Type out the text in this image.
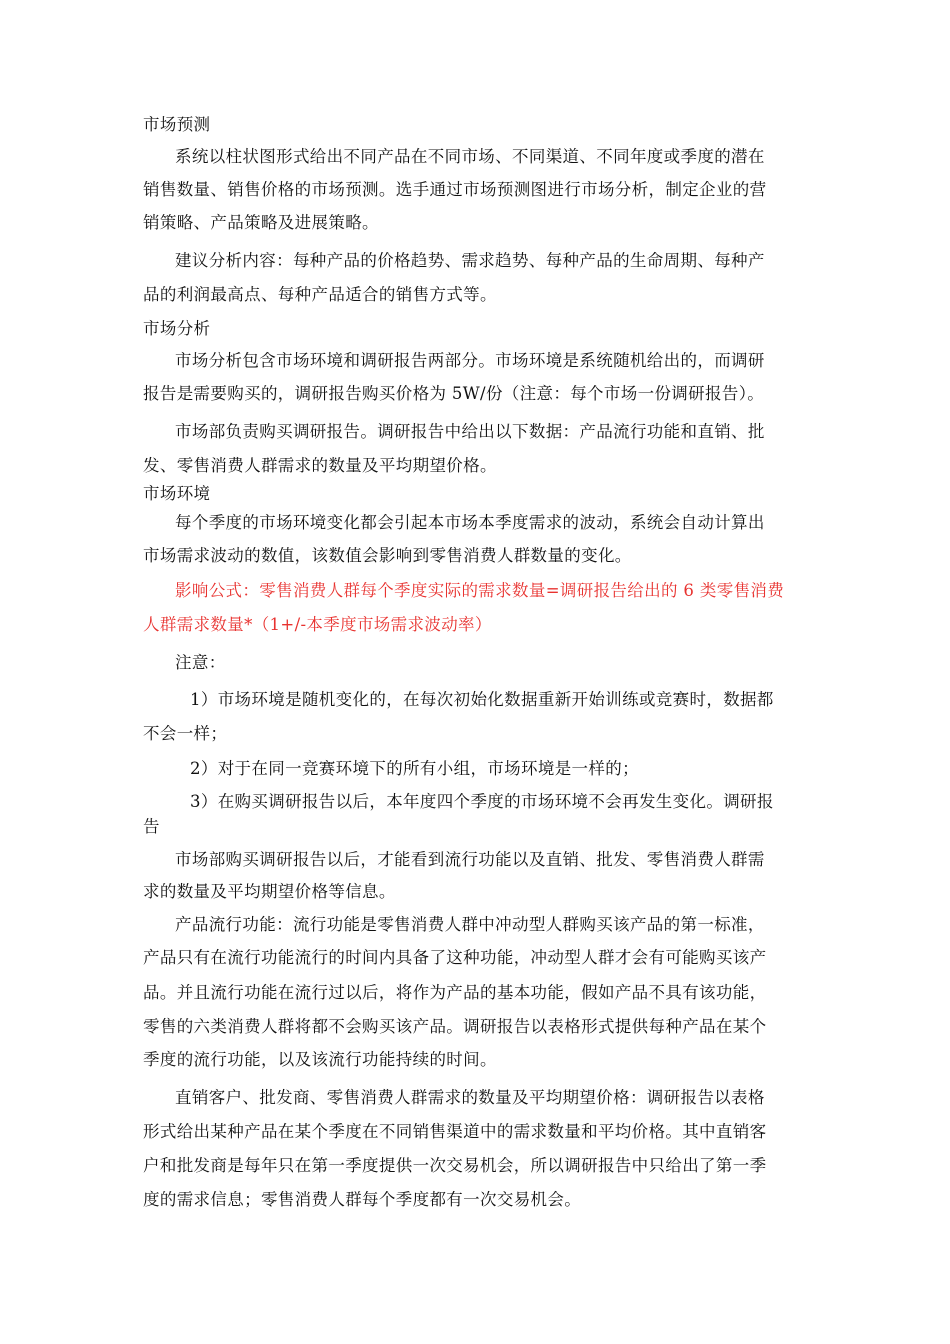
市场预测
系统以柱状图形式给出不同产品在不同市场、不同渠道、不同年度或季度的潜在
销售数量、销售价格的市场预测。选手通过市场预测图进行市场分析，制定企业的营
销策略、产品策略及进展策略。
建议分析内容：每种产品的价格趋势、需求趋势、每种产品的生命周期、每种产
品的利润最高点、每种产品适合的销售方式等。
市场分析
市场分析包含市场环境和调研报告两部分。市场环境是系统随机给出的，而调研
报告是需要购买的，调研报告购买价格为 5W/份（注意：每个市场一份调研报告）。
市场部负责购买调研报告。调研报告中给出以下数据：产品流行功能和直销、批
发、零售消费人群需求的数量及平均期望价格。
市场环境
每个季度的市场环境变化都会引起本市场本季度需求的波动，系统会自动计算出
市场需求波动的数值，该数值会影响到零售消费人群数量的变化。
影响公式：零售消费人群每个季度实际的需求数量=调研报告给出的 6 类零售消费
人群需求数量*（1+/-本季度市场需求波动率）
注意：
1）市场环境是随机变化的，在每次初始化数据重新开始训练或竞赛时，数据都
不会一样；
2）对于在同一竞赛环境下的所有小组，市场环境是一样的；
3）在购买调研报告以后，本年度四个季度的市场环境不会再发生变化。调研报
告
市场部购买调研报告以后，才能看到流行功能以及直销、批发、零售消费人群需
求的数量及平均期望价格等信息。
产品流行功能：流行功能是零售消费人群中冲动型人群购买该产品的第一标准，
产品只有在流行功能流行的时间内具备了这种功能，冲动型人群才会有可能购买该产
品。并且流行功能在流行过以后，将作为产品的基本功能，假如产品不具有该功能，
零售的六类消费人群将都不会购买该产品。调研报告以表格形式提供每种产品在某个
季度的流行功能，以及该流行功能持续的时间。
直销客户、批发商、零售消费人群需求的数量及平均期望价格：调研报告以表格
形式给出某种产品在某个季度在不同销售渠道中的需求数量和平均价格。其中直销客
户和批发商是每年只在第一季度提供一次交易机会，所以调研报告中只给出了第一季
度的需求信息；零售消费人群每个季度都有一次交易机会。
